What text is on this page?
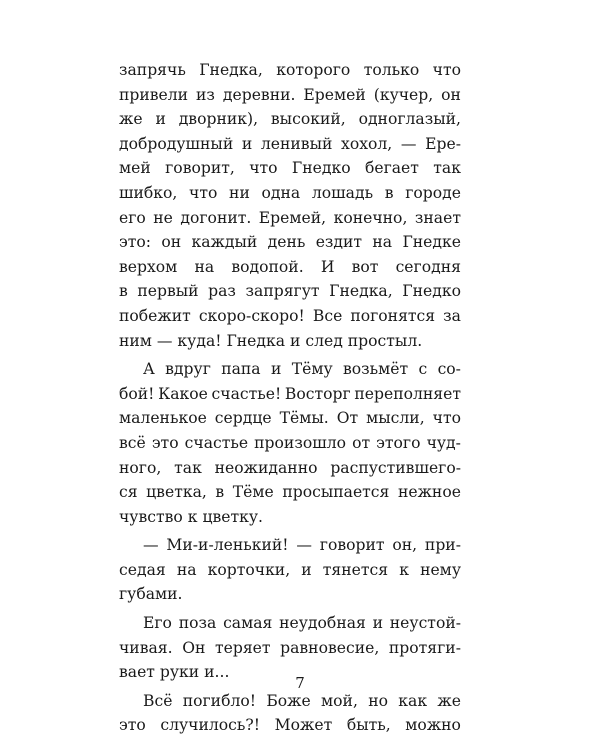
запрячь Гнедка, которого только что
привели из деревни. Еремей (кучер, он
же и дворник), высокий, одноглазый,
добродушный и ленивый хохол, — Ере-
мей говорит, что Гнедко бегает так
шибко, что ни одна лошадь в городе
его не догонит. Еремей, конечно, знает
это: он каждый день ездит на Гнедке
верхом на водопой. И вот сегодня
в первый раз запрягут Гнедка, Гнедко
побежит скоро-скоро! Все погонятся за
ним — куда! Гнедка и след простыл.
А вдруг папа и Тёму возьмёт с со-
бой! Какое счастье! Восторг переполняет
маленькое сердце Тёмы. От мысли, что
всё это счастье произошло от этого чуд-
ного, так неожиданно распустившего-
ся цветка, в Тёме просыпается нежное
чувство к цветку.
— Ми-и-ленький! — говорит он, при-
седая на корточки, и тянется к нему
губами.
Его поза самая неудобная и неустой-
чивая. Он теряет равновесие, протяги-
вает руки и...
Всё погибло! Боже мой, но как же
это случилось?! Может быть, можно
7
